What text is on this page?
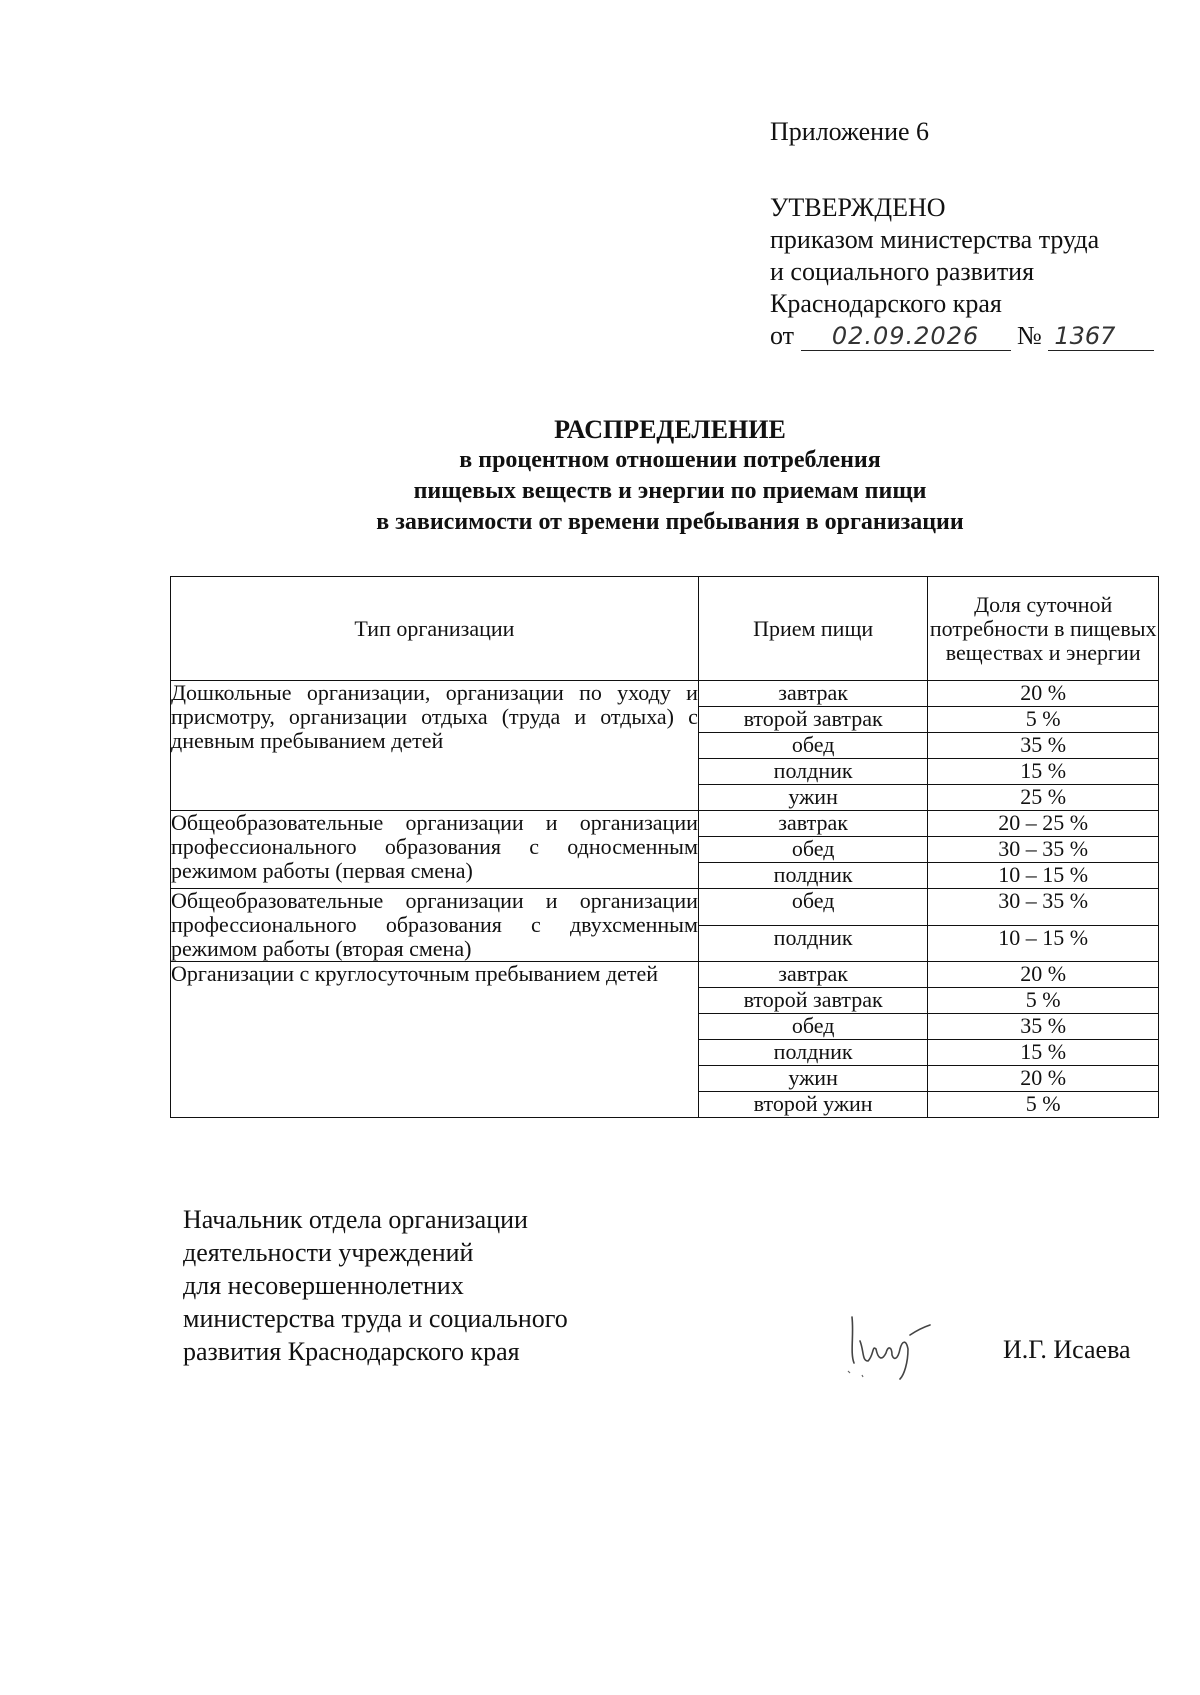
Приложение 6
УТВЕРЖДЕНО
приказом министерства труда
и социального развития
Краснодарского края
от 02.09.2026 № 1367
РАСПРЕДЕЛЕНИЕ
в процентном отношении потребления
пищевых веществ и энергии по приемам пищи
в зависимости от времени пребывания в организации
Тип организации	Прием пищи	Доля суточной потребности в пищевых веществах и энергии
Дошкольные организации, организации по уходу и присмотру, организации отдыха (труда и отдыха) с дневным пребыванием детей	завтрак	20 %
	второй завтрак	5 %
	обед	35 %
	полдник	15 %
	ужин	25 %
Общеобразовательные организации и организации профессионального образования с односменным режимом работы (первая смена)	завтрак	20 – 25 %
	обед	30 – 35 %
	полдник	10 – 15 %
Общеобразовательные организации и организации профессионального образования с двухсменным режимом работы (вторая смена)	обед	30 – 35 %
	полдник	10 – 15 %
Организации с круглосуточным пребыванием детей	завтрак	20 %
	второй завтрак	5 %
	обед	35 %
	полдник	15 %
	ужин	20 %
	второй ужин	5 %
Начальник отдела организации
деятельности учреждений
для несовершеннолетних
министерства труда и социального
развития Краснодарского края	И.Г. Исаева
